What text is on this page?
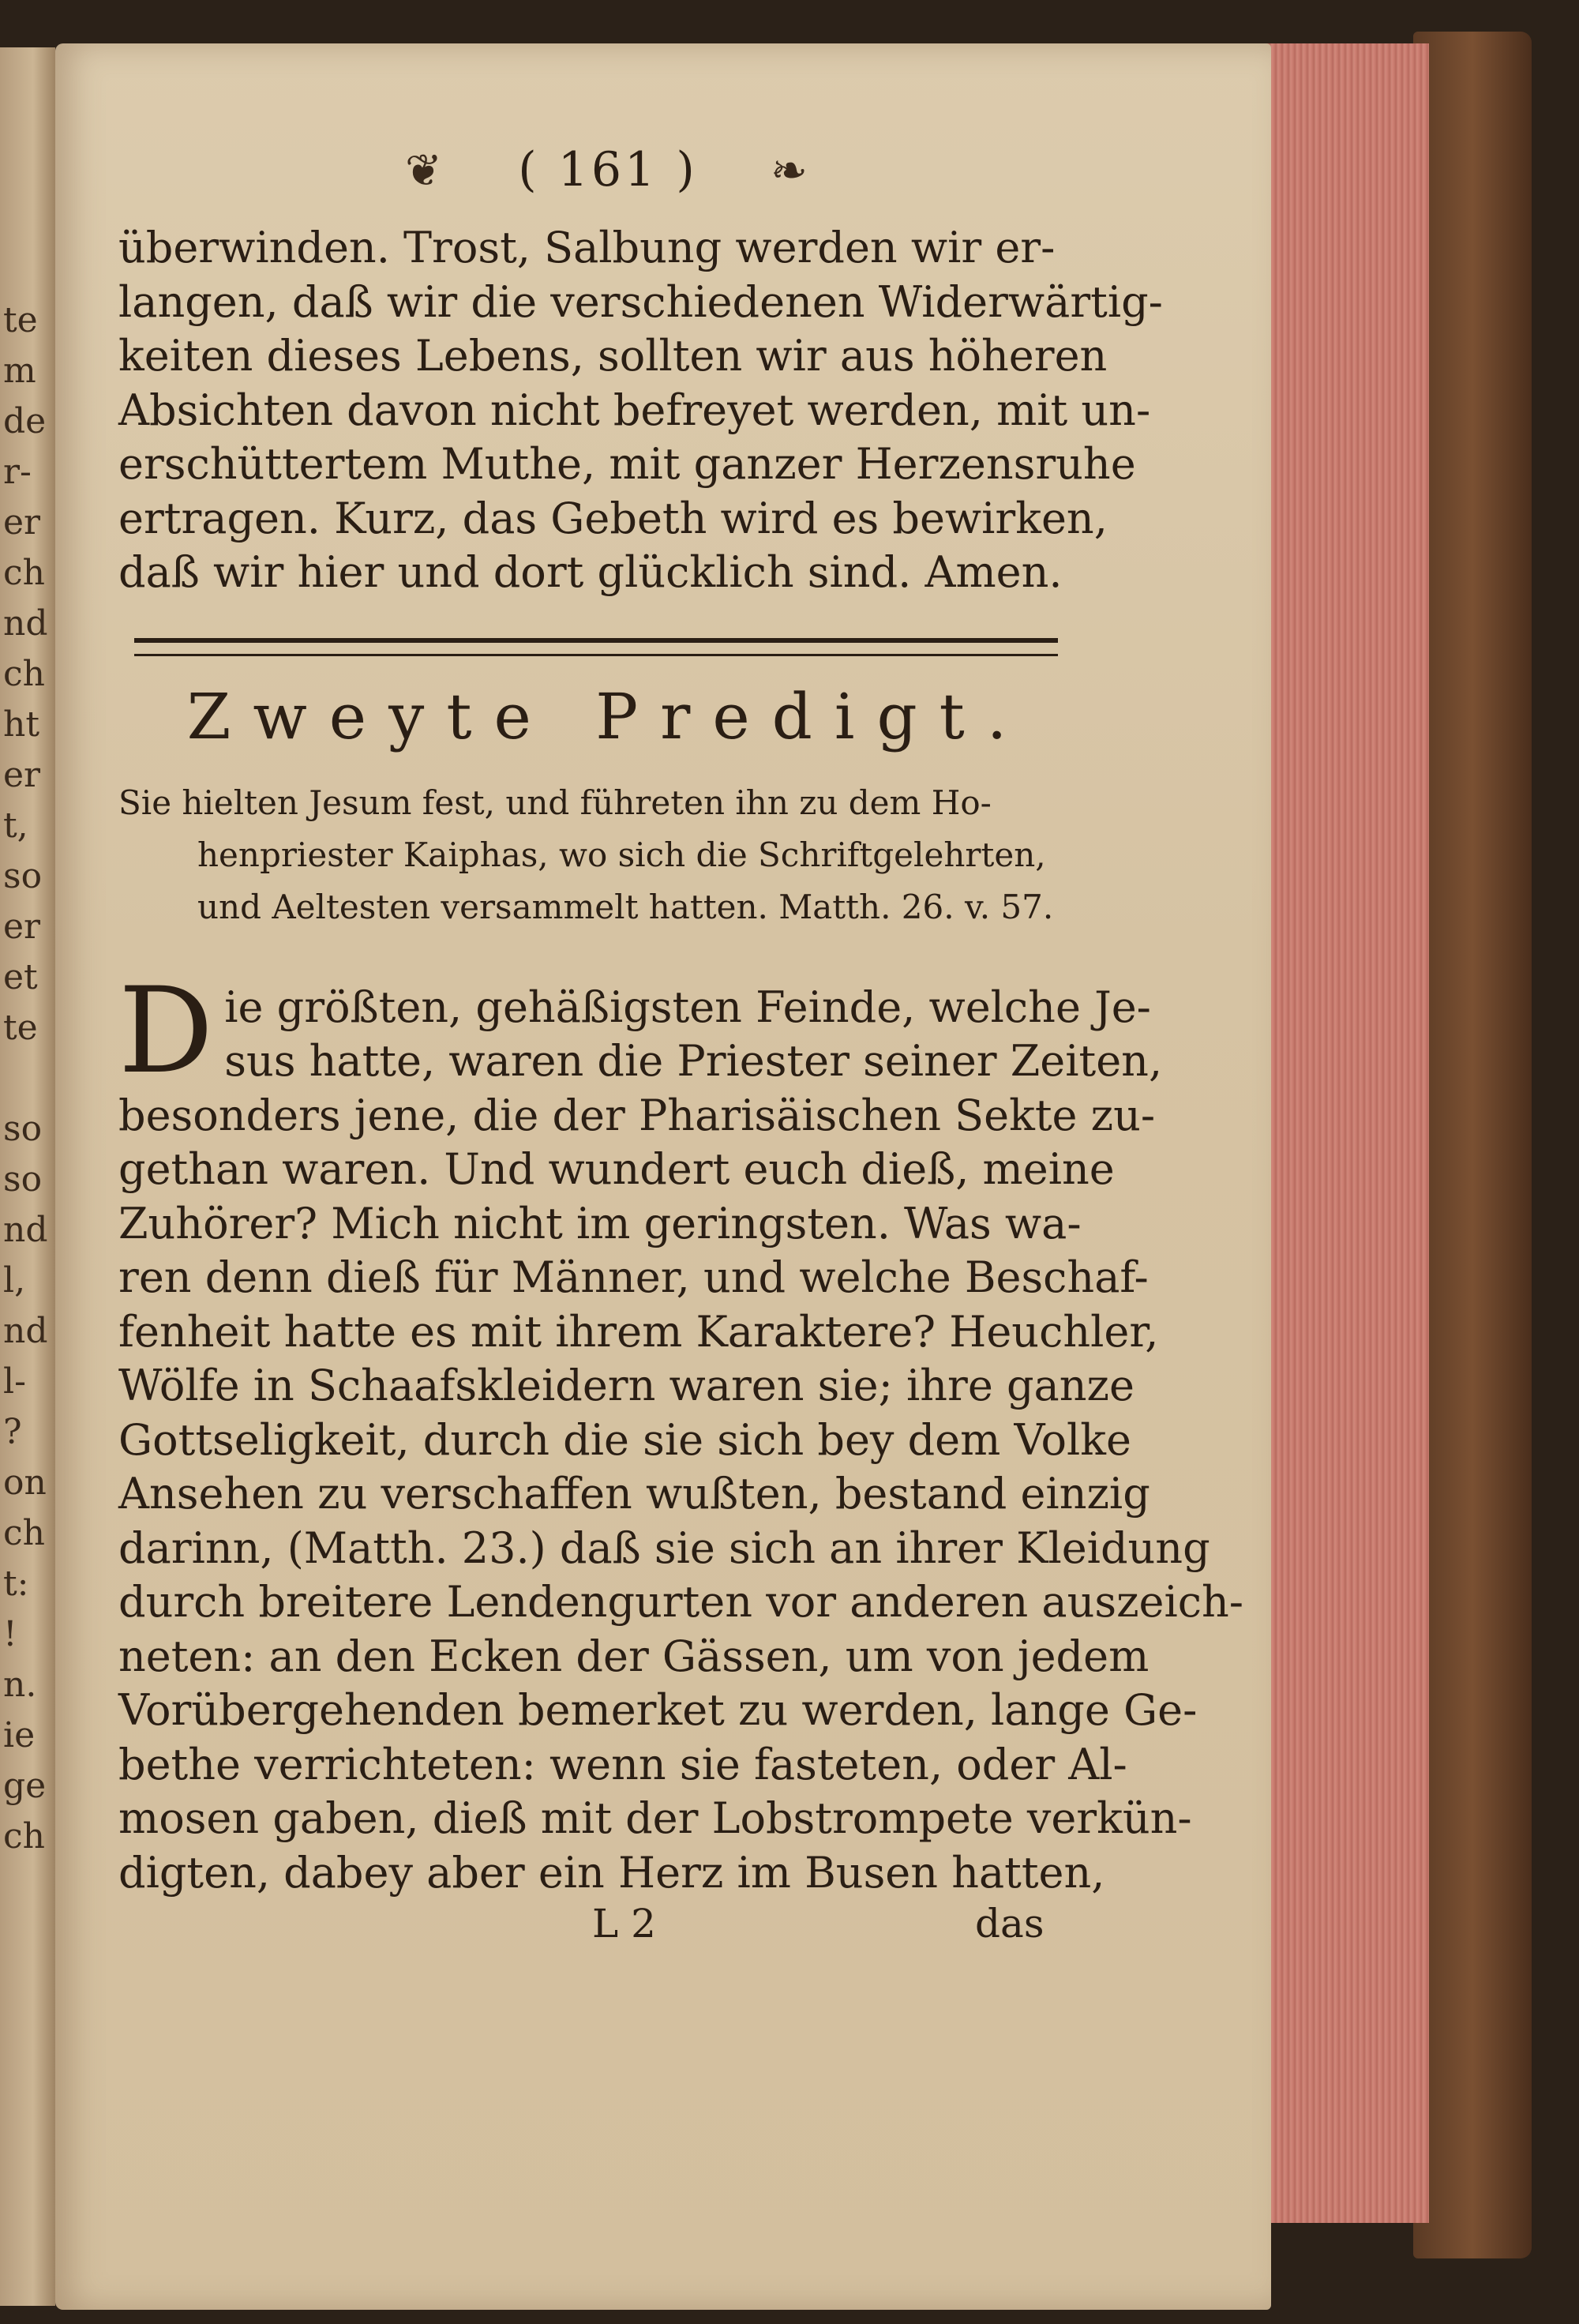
te
m
de
r-
er
ch
nd
ch
ht
er
t,
so
er
et
te
so
so
nd
l,
nd
l-
?
on
ch
t:
!
n.
ie
ge
ch
❦ ( 161 ) ❧
überwinden. Trost, Salbung werden wir er-
langen, daß wir die verschiedenen Widerwärtig-
keiten dieses Lebens, sollten wir aus höheren
Absichten davon nicht befreyet werden, mit un-
erschüttertem Muthe, mit ganzer Herzensruhe
ertragen. Kurz, das Gebeth wird es bewirken,
daß wir hier und dort glücklich sind. Amen.
Zweyte Predigt.
Sie hielten Jesum fest, und führeten ihn zu dem Ho-
henpriester Kaiphas, wo sich die Schriftgelehrten,
und Aeltesten versammelt hatten. Matth. 26. v. 57.
D ie größten, gehäßigsten Feinde, welche Je-
sus hatte, waren die Priester seiner Zeiten,
besonders jene, die der Pharisäischen Sekte zu-
gethan waren. Und wundert euch dieß, meine
Zuhörer? Mich nicht im geringsten. Was wa-
ren denn dieß für Männer, und welche Beschaf-
fenheit hatte es mit ihrem Karaktere? Heuchler,
Wölfe in Schaafskleidern waren sie; ihre ganze
Gottseligkeit, durch die sie sich bey dem Volke
Ansehen zu verschaffen wußten, bestand einzig
darinn, (Matth. 23.) daß sie sich an ihrer Kleidung
durch breitere Lendengurten vor anderen auszeich-
neten: an den Ecken der Gässen, um von jedem
Vorübergehenden bemerket zu werden, lange Ge-
bethe verrichteten: wenn sie fasteten, oder Al-
mosen gaben, dieß mit der Lobstrompete verkün-
digten, dabey aber ein Herz im Busen hatten,
L 2	das
